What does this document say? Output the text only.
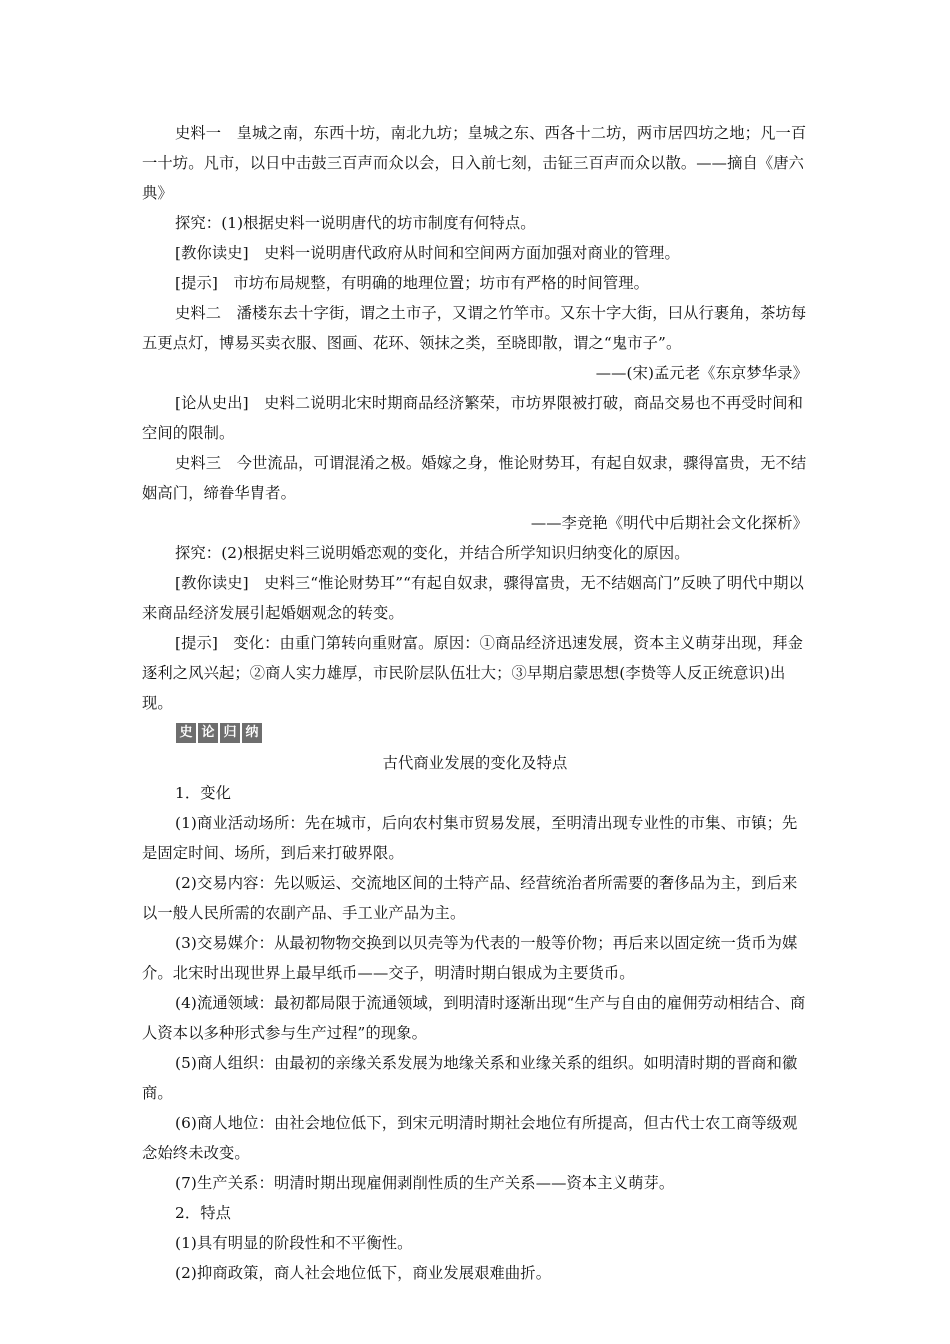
史料一　皇城之南，东西十坊，南北九坊；皇城之东、西各十二坊，两市居四坊之地；凡一百一十坊。凡市，以日中击鼓三百声而众以会，日入前七刻，击钲三百声而众以散。——摘自《唐六典》

探究：(1)根据史料一说明唐代的坊市制度有何特点。

[教你读史]　史料一说明唐代政府从时间和空间两方面加强对商业的管理。

[提示]　市坊布局规整，有明确的地理位置；坊市有严格的时间管理。

史料二　潘楼东去十字街，谓之土市子，又谓之竹竿市。又东十字大街，曰从行裹角，茶坊每五更点灯，博易买卖衣服、图画、花环、领抹之类，至晓即散，谓之“鬼市子”。

——(宋)孟元老《东京梦华录》

[论从史出]　史料二说明北宋时期商品经济繁荣，市坊界限被打破，商品交易也不再受时间和空间的限制。

史料三　今世流品，可谓混淆之极。婚嫁之身，惟论财势耳，有起自奴隶，骤得富贵，无不结姻高门，缔眷华胄者。

——李竞艳《明代中后期社会文化探析》

探究：(2)根据史料三说明婚恋观的变化，并结合所学知识归纳变化的原因。

[教你读史]　史料三“惟论财势耳”“有起自奴隶，骤得富贵，无不结姻高门”反映了明代中期以来商品经济发展引起婚姻观念的转变。

[提示]　变化：由重门第转向重财富。原因：①商品经济迅速发展，资本主义萌芽出现，拜金逐利之风兴起；②商人实力雄厚，市民阶层队伍壮大；③早期启蒙思想(李贽等人反正统意识)出现。

史 论 归 纳

古代商业发展的变化及特点

1．变化

(1)商业活动场所：先在城市，后向农村集市贸易发展，至明清出现专业性的市集、市镇；先是固定时间、场所，到后来打破界限。

(2)交易内容：先以贩运、交流地区间的土特产品、经营统治者所需要的奢侈品为主，到后来以一般人民所需的农副产品、手工业产品为主。

(3)交易媒介：从最初物物交换到以贝壳等为代表的一般等价物；再后来以固定统一货币为媒介。北宋时出现世界上最早纸币——交子，明清时期白银成为主要货币。

(4)流通领域：最初都局限于流通领域，到明清时逐渐出现“生产与自由的雇佣劳动相结合、商人资本以多种形式参与生产过程”的现象。

(5)商人组织：由最初的亲缘关系发展为地缘关系和业缘关系的组织。如明清时期的晋商和徽商。

(6)商人地位：由社会地位低下，到宋元明清时期社会地位有所提高，但古代士农工商等级观念始终未改变。

(7)生产关系：明清时期出现雇佣剥削性质的生产关系——资本主义萌芽。

2．特点

(1)具有明显的阶段性和不平衡性。

(2)抑商政策，商人社会地位低下，商业发展艰难曲折。
